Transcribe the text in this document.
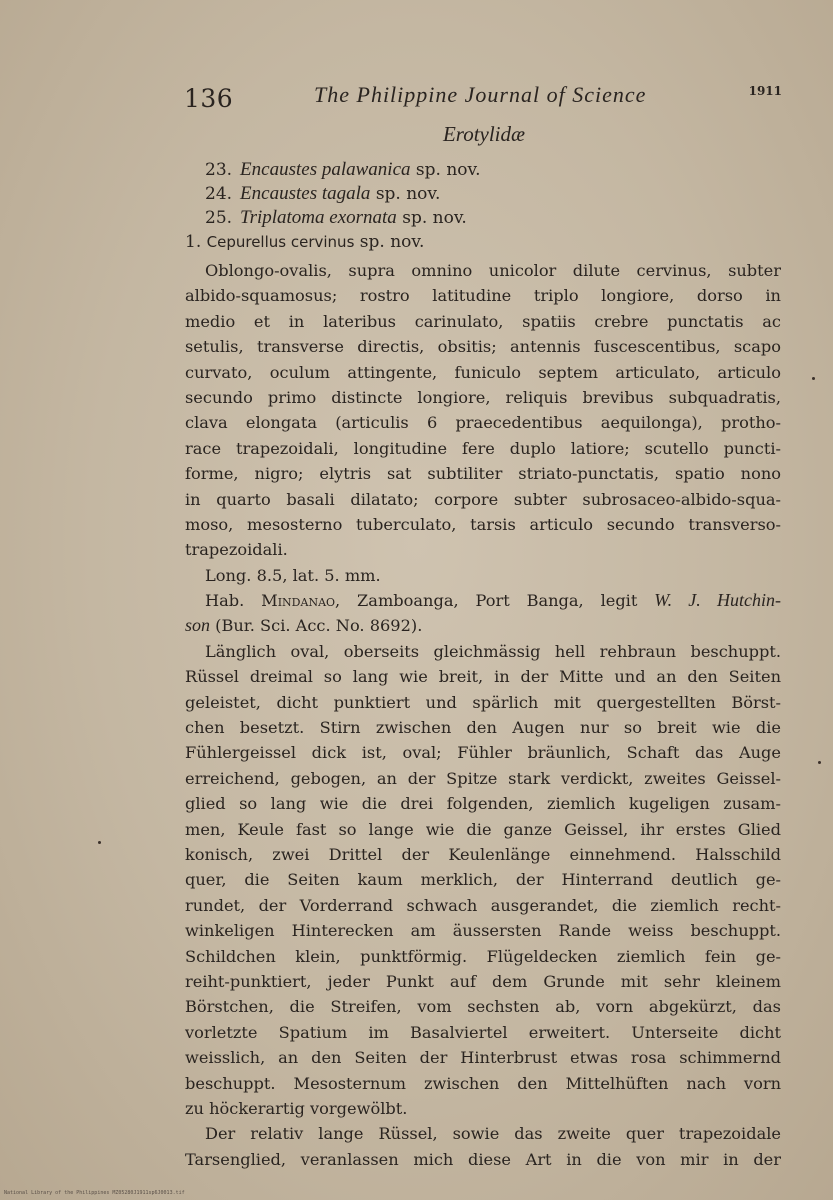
136	The Philippine Journal of Science	1911
Erotylidæ
23. Encaustes palawanica sp. nov.
24. Encaustes tagala sp. nov.
25. Triplatoma exornata sp. nov.
1. Cepurellus cervinus sp. nov.
Oblongo-ovalis, supra omnino unicolor dilute cervinus, subter
albido-squamosus; rostro latitudine triplo longiore, dorso in
medio et in lateribus carinulato, spatiis crebre punctatis ac
setulis, transverse directis, obsitis; antennis fuscescentibus, scapo
curvato, oculum attingente, funiculo septem articulato, articulo
secundo primo distincte longiore, reliquis brevibus subquadratis,
clava elongata (articulis 6 praecedentibus aequilonga), protho-
race trapezoidali, longitudine fere duplo latiore; scutello puncti-
forme, nigro; elytris sat subtiliter striato-punctatis, spatio nono
in quarto basali dilatato; corpore subter subrosaceo-albido-squa-
moso, mesosterno tuberculato, tarsis articulo secundo transverso-
trapezoidali.
Long. 8.5, lat. 5. mm.
Hab. Mindanao, Zamboanga, Port Banga, legit W. J. Hutchin-
son (Bur. Sci. Acc. No. 8692).
Länglich oval, oberseits gleichmässig hell rehbraun beschuppt.
Rüssel dreimal so lang wie breit, in der Mitte und an den Seiten
geleistet, dicht punktiert und spärlich mit quergestellten Börst-
chen besetzt. Stirn zwischen den Augen nur so breit wie die
Fühlergeissel dick ist, oval; Fühler bräunlich, Schaft das Auge
erreichend, gebogen, an der Spitze stark verdickt, zweites Geissel-
glied so lang wie die drei folgenden, ziemlich kugeligen zusam-
men, Keule fast so lange wie die ganze Geissel, ihr erstes Glied
konisch, zwei Drittel der Keulenlänge einnehmend. Halsschild
quer, die Seiten kaum merklich, der Hinterrand deutlich ge-
rundet, der Vorderrand schwach ausgerandet, die ziemlich recht-
winkeligen Hinterecken am äussersten Rande weiss beschuppt.
Schildchen klein, punktförmig. Flügeldecken ziemlich fein ge-
reiht-punktiert, jeder Punkt auf dem Grunde mit sehr kleinem
Börstchen, die Streifen, vom sechsten ab, vorn abgekürzt, das
vorletzte Spatium im Basalviertel erweitert. Unterseite dicht
weisslich, an den Seiten der Hinterbrust etwas rosa schimmernd
beschuppt. Mesosternum zwischen den Mittelhüften nach vorn
zu höckerartig vorgewölbt.
Der relativ lange Rüssel, sowie das zweite quer trapezoidale
Tarsenglied, veranlassen mich diese Art in die von mir in der
National Library of the Philippines MZ05280J1911sp6J0013.tif
